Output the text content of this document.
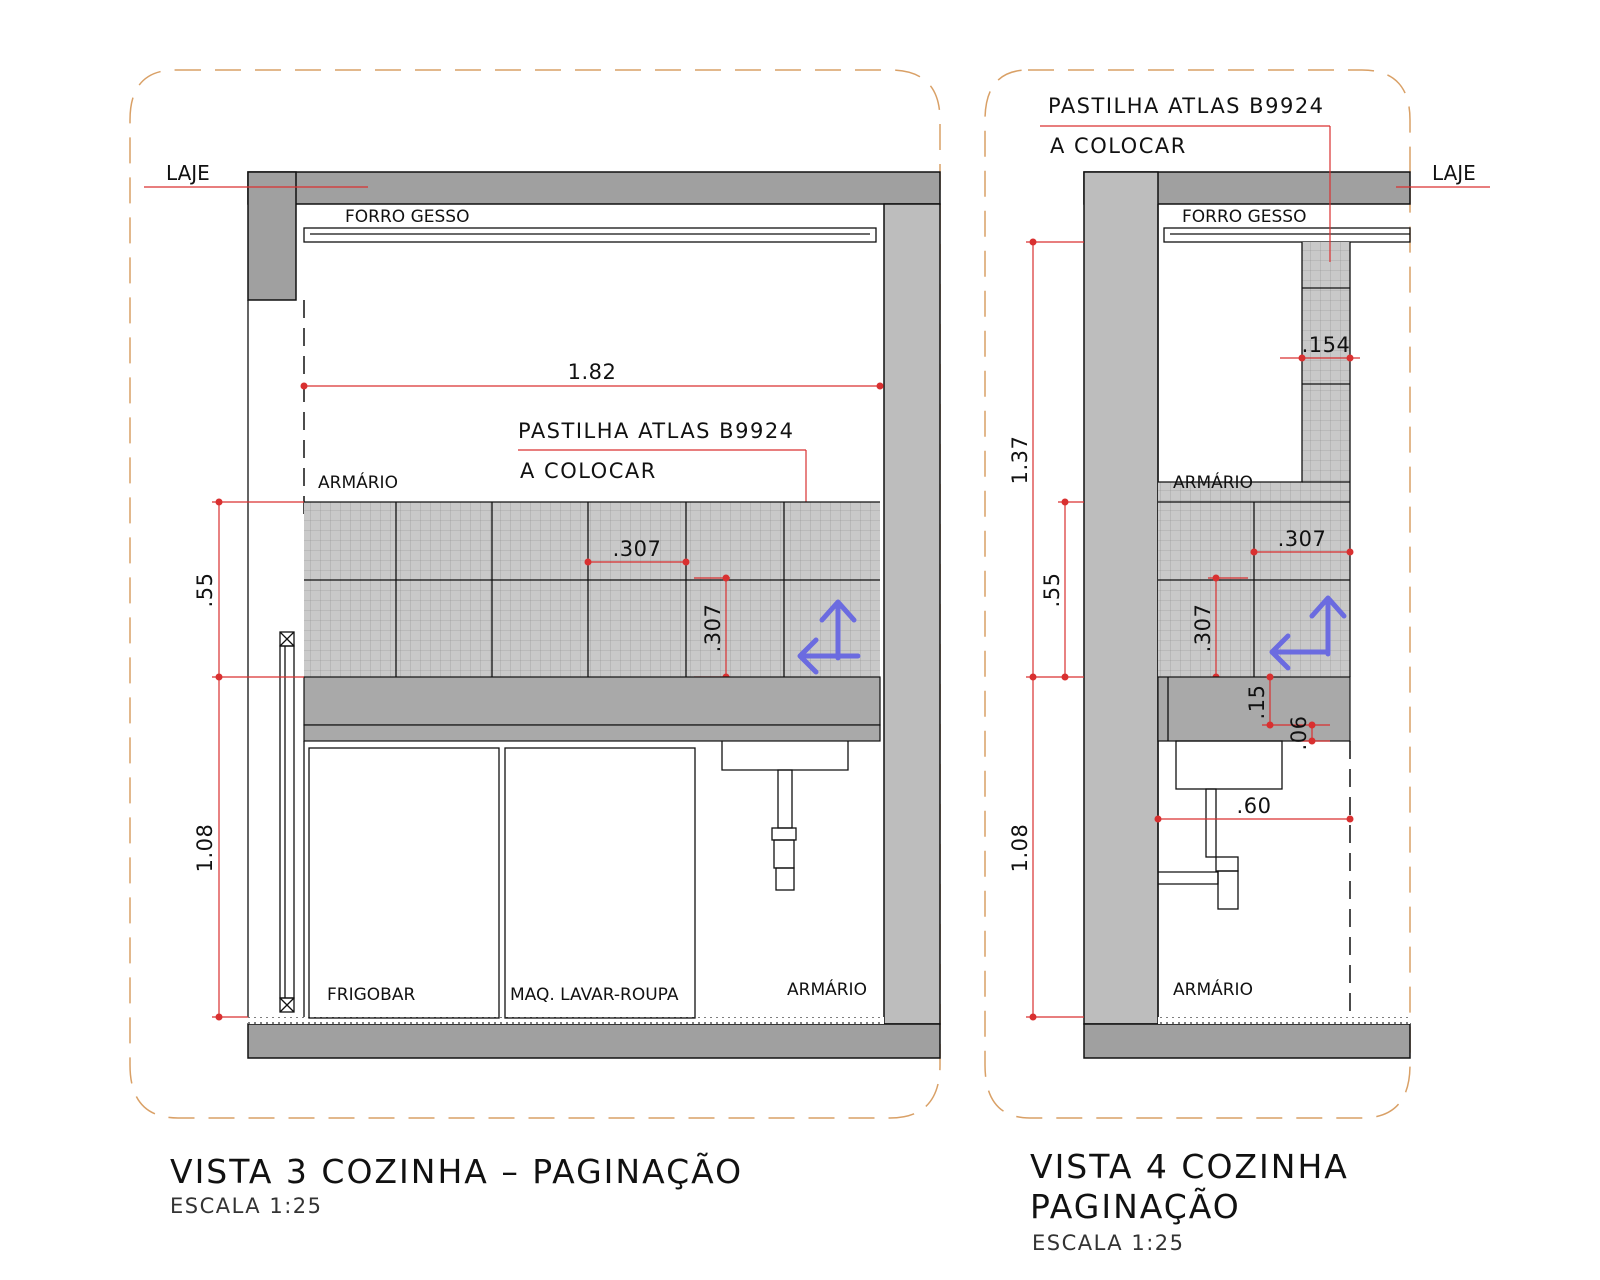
1.82
PASTILHA ATLAS B9924
A COLOCAR
ARMÁRIO
.307
.307
FRIGOBAR	MAQ. LAVAR-ROUPA	ARMÁRIO
LAJE
FORRO GESSO
.55
1.08
VISTA 3 COZINHA – PAGINAÇÃO
ESCALA 1:25
FORRO GESSO
PASTILHA ATLAS B9924
A COLOCAR
ARMÁRIO
.154
.307
.307
.15
.06
.60
ARMÁRIO
LAJE
1.37
.55
1.08
VISTA 4 COZINHA
PAGINAÇÃO
ESCALA 1:25
